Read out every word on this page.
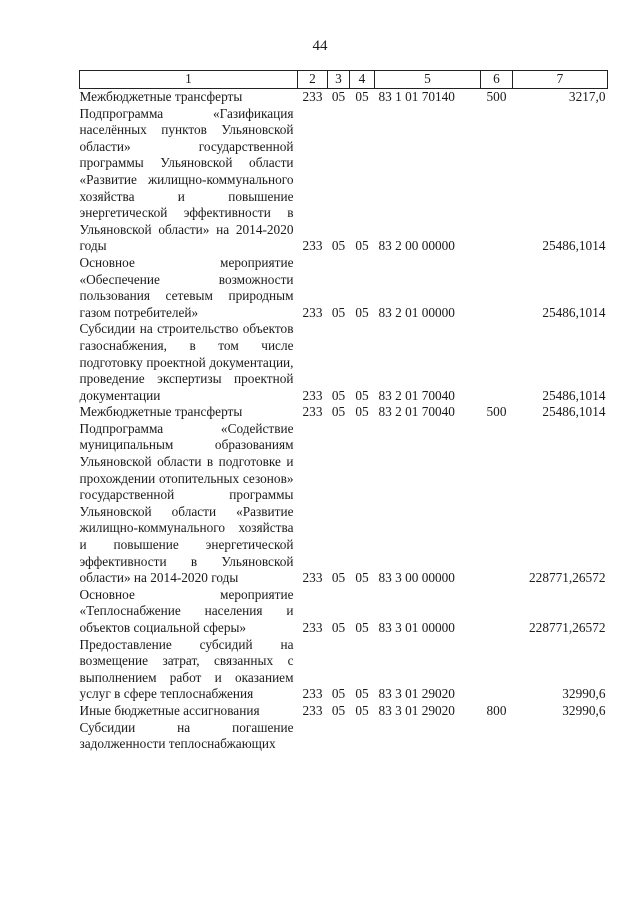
44
1	2	3	4	5	6	7
Межбюджетные трансферты	233	05	05	83 1 01 70140	500	3217,0
Подпрограмма «Газификация населённых пунктов Ульяновской области» государственной программы Ульяновской области «Развитие жилищно-коммунального хозяйства и повышение энергетической эффективности в Ульяновской области» на 2014-2020 годы	233	05	05	83 2 00 00000		25486,1014
Основное мероприятие «Обеспечение возможности пользования сетевым природным газом потребителей»	233	05	05	83 2 01 00000		25486,1014
Субсидии на строительство объектов газоснабжения, в том числе подготовку проектной документации, проведение экспертизы проектной документации	233	05	05	83 2 01 70040		25486,1014
Межбюджетные трансферты	233	05	05	83 2 01 70040	500	25486,1014
Подпрограмма «Содействие муниципальным образованиям Ульяновской области в подготовке и прохождении отопительных сезонов» государственной программы Ульяновской области «Развитие жилищно-коммунального хозяйства и повышение энергетической эффективности в Ульяновской области» на 2014-2020 годы	233	05	05	83 3 00 00000		228771,26572
Основное мероприятие «Теплоснабжение населения и объектов социальной сферы»	233	05	05	83 3 01 00000		228771,26572
Предоставление субсидий на возмещение затрат, связанных с выполнением работ и оказанием услуг в сфере теплоснабжения	233	05	05	83 3 01 29020		32990,6
Иные бюджетные ассигнования	233	05	05	83 3 01 29020	800	32990,6
Субсидии на погашение задолженности теплоснабжающих						
